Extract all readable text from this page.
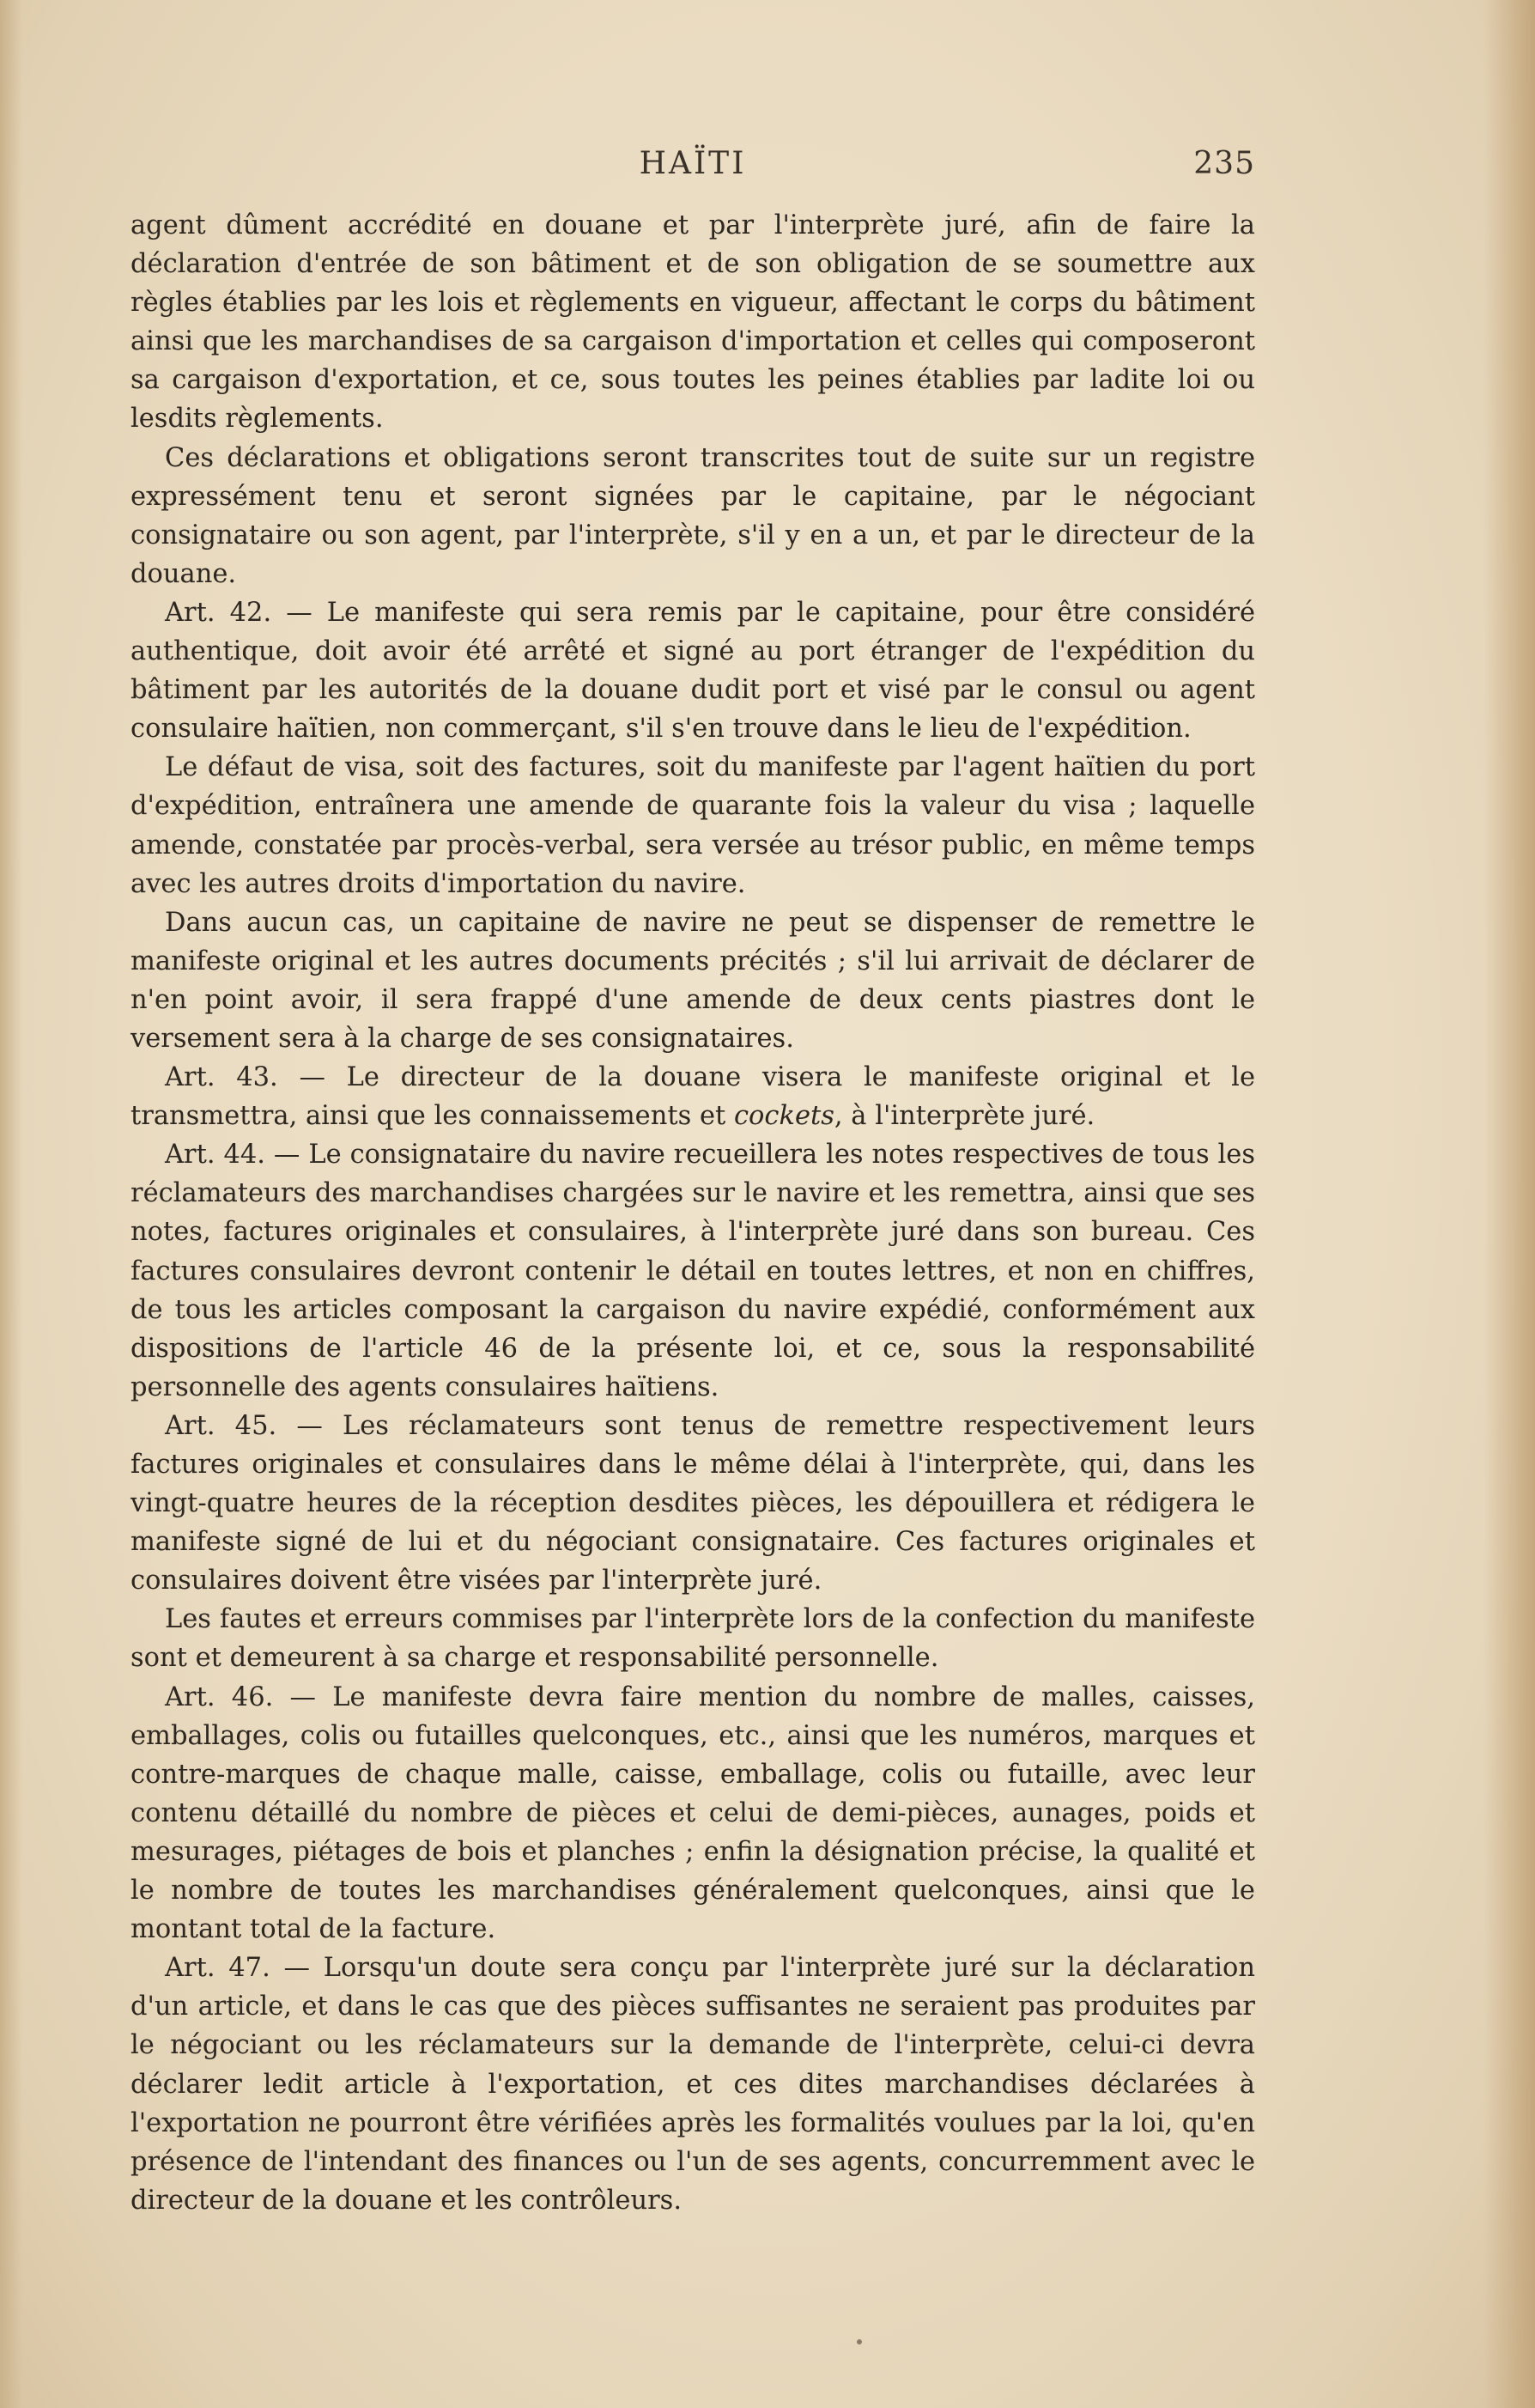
HAÏTI	235

agent dûment accrédité en douane et par l'interprète juré, afin de faire la déclaration d'entrée de son bâtiment et de son obligation de se soumettre aux règles établies par les lois et règlements en vigueur, affectant le corps du bâtiment ainsi que les marchandises de sa cargaison d'importation et celles qui composeront sa cargaison d'exportation, et ce, sous toutes les peines établies par ladite loi ou lesdits règlements.

Ces déclarations et obligations seront transcrites tout de suite sur un registre expressément tenu et seront signées par le capitaine, par le négociant consignataire ou son agent, par l'interprète, s'il y en a un, et par le directeur de la douane.

Art. 42. — Le manifeste qui sera remis par le capitaine, pour être considéré authentique, doit avoir été arrêté et signé au port étranger de l'expédition du bâtiment par les autorités de la douane dudit port et visé par le consul ou agent consulaire haïtien, non commerçant, s'il s'en trouve dans le lieu de l'expédition.

Le défaut de visa, soit des factures, soit du manifeste par l'agent haïtien du port d'expédition, entraînera une amende de quarante fois la valeur du visa ; laquelle amende, constatée par procès-verbal, sera versée au trésor public, en même temps avec les autres droits d'importation du navire.

Dans aucun cas, un capitaine de navire ne peut se dispenser de remettre le manifeste original et les autres documents précités ; s'il lui arrivait de déclarer de n'en point avoir, il sera frappé d'une amende de deux cents piastres dont le versement sera à la charge de ses consignataires.

Art. 43. — Le directeur de la douane visera le manifeste original et le transmettra, ainsi que les connaissements et cockets, à l'interprète juré.

Art. 44. — Le consignataire du navire recueillera les notes respectives de tous les réclamateurs des marchandises chargées sur le navire et les remettra, ainsi que ses notes, factures originales et consulaires, à l'interprète juré dans son bureau. Ces factures consulaires devront contenir le détail en toutes lettres, et non en chiffres, de tous les articles composant la cargaison du navire expédié, conformément aux dispositions de l'article 46 de la présente loi, et ce, sous la responsabilité personnelle des agents consulaires haïtiens.

Art. 45. — Les réclamateurs sont tenus de remettre respectivement leurs factures originales et consulaires dans le même délai à l'interprète, qui, dans les vingt-quatre heures de la réception desdites pièces, les dépouillera et rédigera le manifeste signé de lui et du négociant consignataire. Ces factures originales et consulaires doivent être visées par l'interprète juré.

Les fautes et erreurs commises par l'interprète lors de la confection du manifeste sont et demeurent à sa charge et responsabilité personnelle.

Art. 46. — Le manifeste devra faire mention du nombre de malles, caisses, emballages, colis ou futailles quelconques, etc., ainsi que les numéros, marques et contre-marques de chaque malle, caisse, emballage, colis ou futaille, avec leur contenu détaillé du nombre de pièces et celui de demi-pièces, aunages, poids et mesurages, piétages de bois et planches ; enfin la désignation précise, la qualité et le nombre de toutes les marchandises généralement quelconques, ainsi que le montant total de la facture.

Art. 47. — Lorsqu'un doute sera conçu par l'interprète juré sur la déclaration d'un article, et dans le cas que des pièces suffisantes ne seraient pas produites par le négociant ou les réclamateurs sur la demande de l'interprète, celui-ci devra déclarer ledit article à l'exportation, et ces dites marchandises déclarées à l'exportation ne pourront être vérifiées après les formalités voulues par la loi, qu'en présence de l'intendant des finances ou l'un de ses agents, concurremment avec le directeur de la douane et les contrôleurs.
